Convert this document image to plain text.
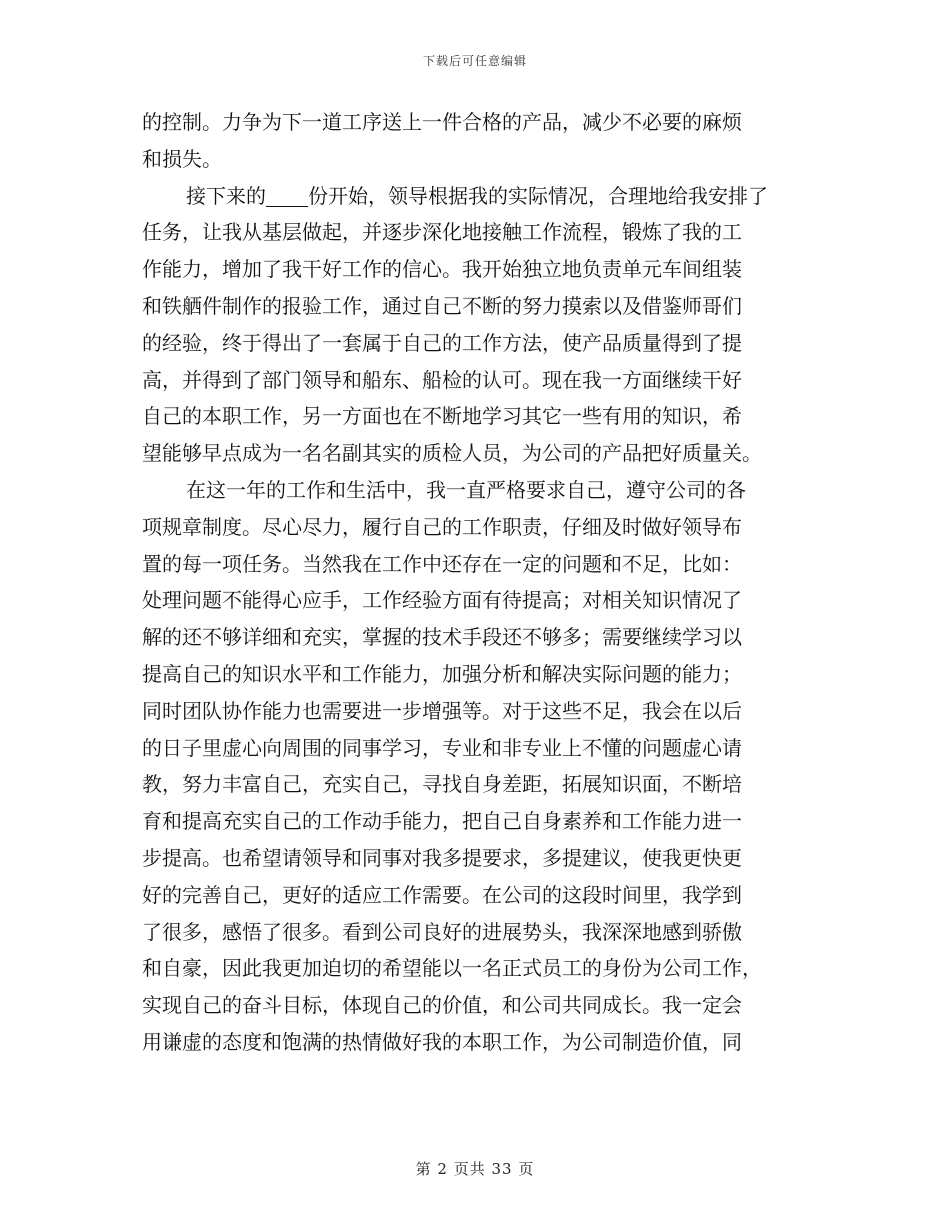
下载后可任意编辑
的控制。力争为下一道工序送上一件合格的产品，减少不必要的麻烦
和损失。
接下来的 份开始，领导根据我的实际情况，合理地给我安排了
任务，让我从基层做起，并逐步深化地接触工作流程，锻炼了我的工
作能力，增加了我干好工作的信心。我开始独立地负责单元车间组装
和铁舾件制作的报验工作，通过自己不断的努力摸索以及借鉴师哥们
的经验，终于得出了一套属于自己的工作方法，使产品质量得到了提
高，并得到了部门领导和船东、船检的认可。现在我一方面继续干好
自己的本职工作，另一方面也在不断地学习其它一些有用的知识，希
望能够早点成为一名名副其实的质检人员，为公司的产品把好质量关。
在这一年的工作和生活中，我一直严格要求自己，遵守公司的各
项规章制度。尽心尽力，履行自己的工作职责，仔细及时做好领导布
置的每一项任务。当然我在工作中还存在一定的问题和不足，比如：
处理问题不能得心应手，工作经验方面有待提高；对相关知识情况了
解的还不够详细和充实，掌握的技术手段还不够多；需要继续学习以
提高自己的知识水平和工作能力，加强分析和解决实际问题的能力；
同时团队协作能力也需要进一步增强等。对于这些不足，我会在以后
的日子里虚心向周围的同事学习，专业和非专业上不懂的问题虚心请
教，努力丰富自己，充实自己，寻找自身差距，拓展知识面，不断培
育和提高充实自己的工作动手能力，把自己自身素养和工作能力进一
步提高。也希望请领导和同事对我多提要求，多提建议，使我更快更
好的完善自己，更好的适应工作需要。在公司的这段时间里，我学到
了很多，感悟了很多。看到公司良好的进展势头，我深深地感到骄傲
和自豪，因此我更加迫切的希望能以一名正式员工的身份为公司工作，
实现自己的奋斗目标，体现自己的价值，和公司共同成长。我一定会
用谦虚的态度和饱满的热情做好我的本职工作，为公司制造价值，同
第 2 页共 33 页
